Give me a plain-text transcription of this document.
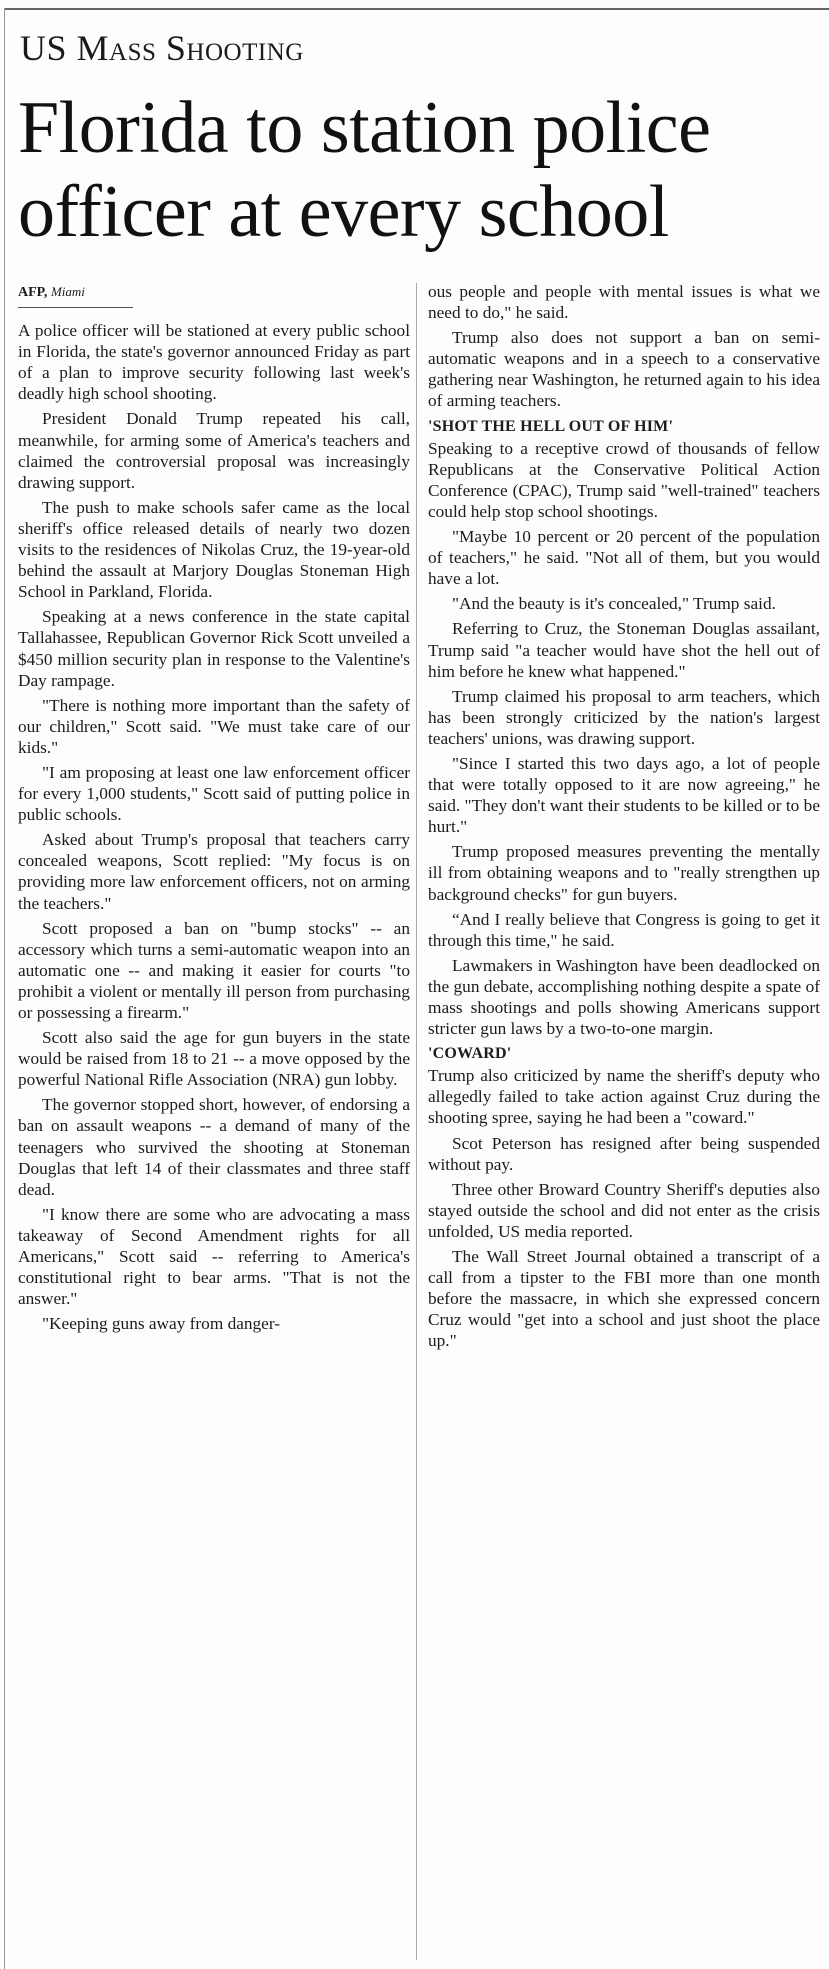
US Mass Shooting
Florida to station police officer at every school
AFP, Miami

A police officer will be stationed at every public school in Florida, the state's governor announced Friday as part of a plan to improve security following last week's deadly high school shooting.

President Donald Trump repeated his call, meanwhile, for arming some of America's teachers and claimed the controversial proposal was increasingly drawing support.

The push to make schools safer came as the local sheriff's office released details of nearly two dozen visits to the residences of Nikolas Cruz, the 19-year-old behind the assault at Marjory Douglas Stoneman High School in Parkland, Florida.

Speaking at a news conference in the state capital Tallahassee, Republican Governor Rick Scott unveiled a $450 million security plan in response to the Valentine's Day rampage.

"There is nothing more important than the safety of our children," Scott said. "We must take care of our kids."

"I am proposing at least one law enforcement officer for every 1,000 students," Scott said of putting police in public schools.

Asked about Trump's proposal that teachers carry concealed weapons, Scott replied: "My focus is on providing more law enforcement officers, not on arming the teachers."

Scott proposed a ban on "bump stocks" -- an accessory which turns a semi-automatic weapon into an automatic one -- and making it easier for courts "to prohibit a violent or mentally ill person from purchasing or possessing a firearm."

Scott also said the age for gun buyers in the state would be raised from 18 to 21 -- a move opposed by the powerful National Rifle Association (NRA) gun lobby.

The governor stopped short, however, of endorsing a ban on assault weapons -- a demand of many of the teenagers who survived the shooting at Stoneman Douglas that left 14 of their classmates and three staff dead.

"I know there are some who are advocating a mass takeaway of Second Amendment rights for all Americans," Scott said -- referring to America's constitutional right to bear arms. "That is not the answer."

"Keeping guns away from danger-

ous people and people with mental issues is what we need to do," he said.

Trump also does not support a ban on semi-automatic weapons and in a speech to a conservative gathering near Washington, he returned again to his idea of arming teachers.

'SHOT THE HELL OUT OF HIM'

Speaking to a receptive crowd of thousands of fellow Republicans at the Conservative Political Action Conference (CPAC), Trump said "well-trained" teachers could help stop school shootings.

"Maybe 10 percent or 20 percent of the population of teachers," he said. "Not all of them, but you would have a lot.

"And the beauty is it's concealed," Trump said.

Referring to Cruz, the Stoneman Douglas assailant, Trump said "a teacher would have shot the hell out of him before he knew what happened."

Trump claimed his proposal to arm teachers, which has been strongly criticized by the nation's largest teachers' unions, was drawing support.

"Since I started this two days ago, a lot of people that were totally opposed to it are now agreeing," he said. "They don't want their students to be killed or to be hurt."

Trump proposed measures preventing the mentally ill from obtaining weapons and to "really strengthen up background checks" for gun buyers.

“And I really believe that Congress is going to get it through this time," he said.

Lawmakers in Washington have been deadlocked on the gun debate, accomplishing nothing despite a spate of mass shootings and polls showing Americans support stricter gun laws by a two-to-one margin.

'COWARD'

Trump also criticized by name the sheriff's deputy who allegedly failed to take action against Cruz during the shooting spree, saying he had been a "coward."

Scot Peterson has resigned after being suspended without pay.

Three other Broward Country Sheriff's deputies also stayed outside the school and did not enter as the crisis unfolded, US media reported.

The Wall Street Journal obtained a transcript of a call from a tipster to the FBI more than one month before the massacre, in which she expressed concern Cruz would "get into a school and just shoot the place up."
